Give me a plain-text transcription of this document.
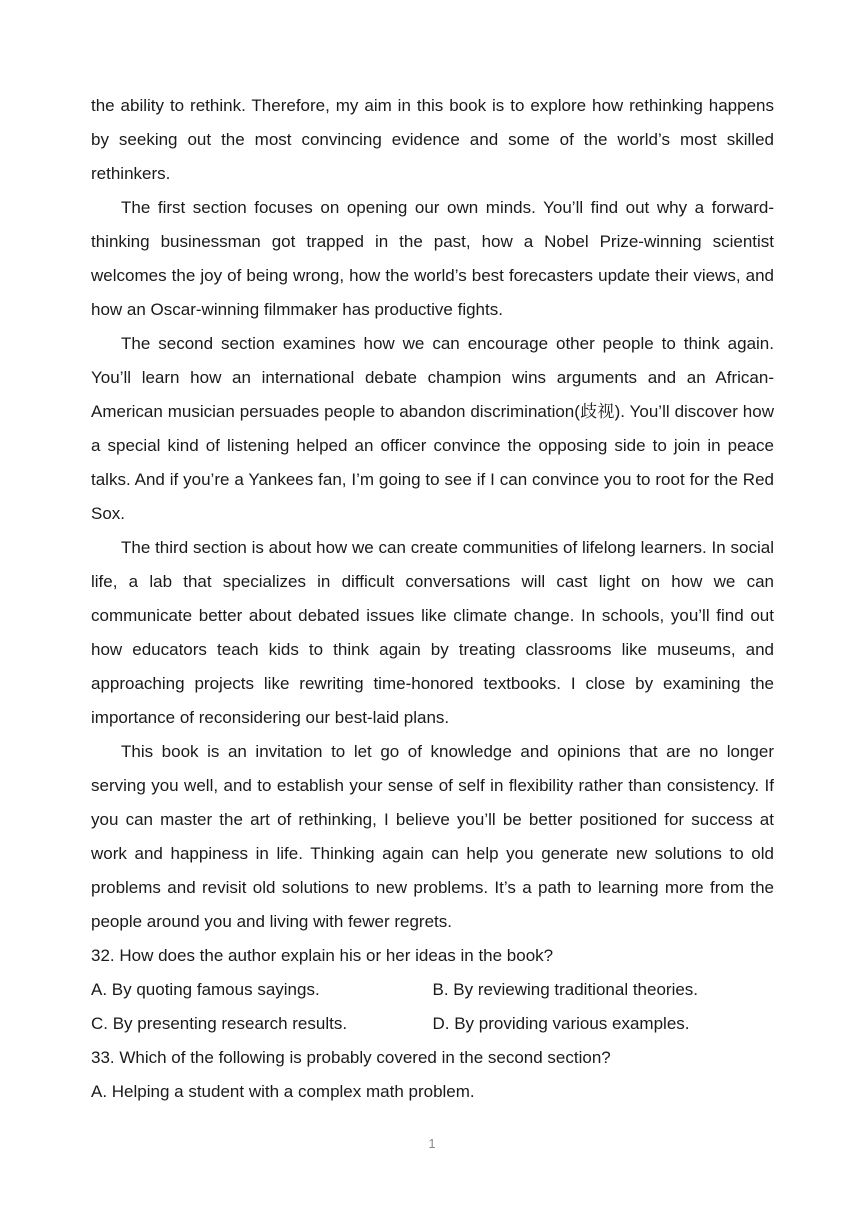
the ability to rethink. Therefore, my aim in this book is to explore how rethinking happens by seeking out the most convincing evidence and some of the world’s most skilled rethinkers.

The first section focuses on opening our own minds. You’ll find out why a forward-thinking businessman got trapped in the past, how a Nobel Prize-winning scientist welcomes the joy of being wrong, how the world’s best forecasters update their views, and how an Oscar-winning filmmaker has productive fights.

The second section examines how we can encourage other people to think again. You’ll learn how an international debate champion wins arguments and an African-American musician persuades people to abandon discrimination(歧视). You’ll discover how a special kind of listening helped an officer convince the opposing side to join in peace talks. And if you’re a Yankees fan, I’m going to see if I can convince you to root for the Red Sox.

The third section is about how we can create communities of lifelong learners. In social life, a lab that specializes in difficult conversations will cast light on how we can communicate better about debated issues like climate change. In schools, you’ll find out how educators teach kids to think again by treating classrooms like museums, and approaching projects like rewriting time-honored textbooks. I close by examining the importance of reconsidering our best-laid plans.

This book is an invitation to let go of knowledge and opinions that are no longer serving you well, and to establish your sense of self in flexibility rather than consistency. If you can master the art of rethinking, I believe you’ll be better positioned for success at work and happiness in life. Thinking again can help you generate new solutions to old problems and revisit old solutions to new problems. It’s a path to learning more from the people around you and living with fewer regrets.

32. How does the author explain his or her ideas in the book?

A. By quoting famous sayings.	B. By reviewing traditional theories.
C. By presenting research results.	D. By providing various examples.

33. Which of the following is probably covered in the second section?

A. Helping a student with a complex math problem.

1
